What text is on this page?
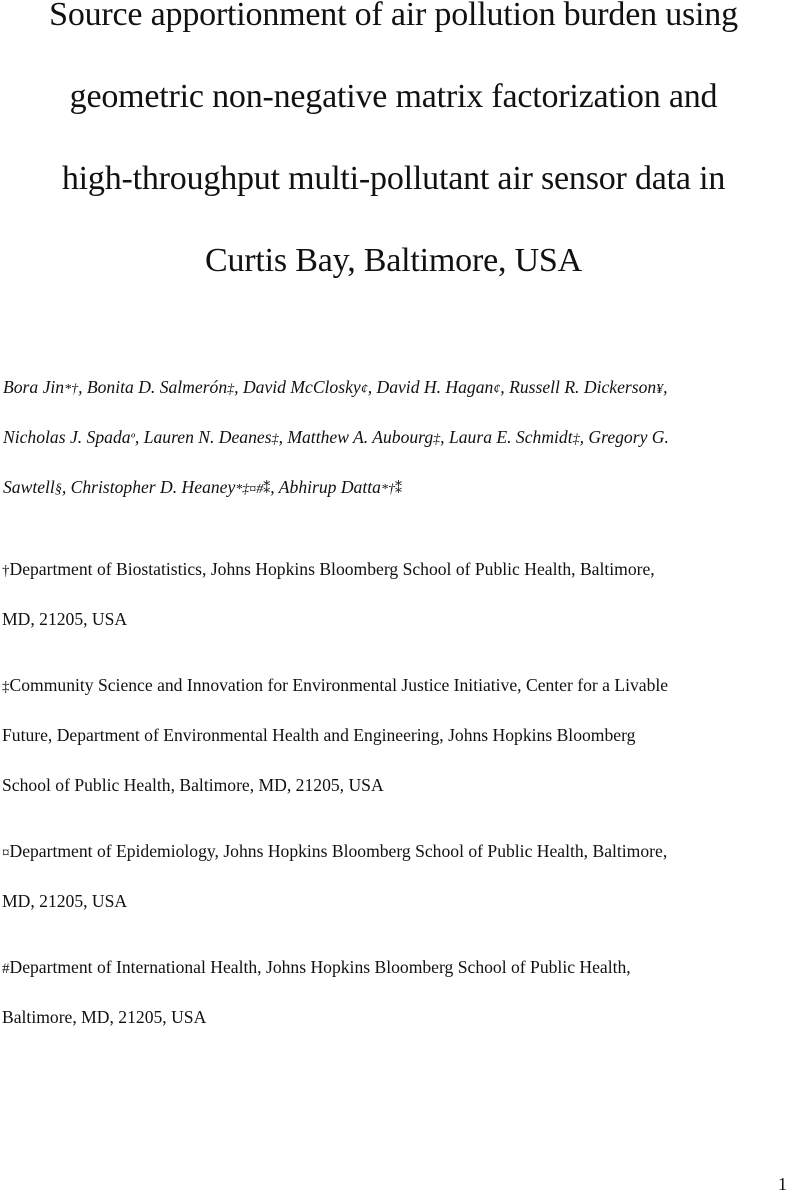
Source apportionment of air pollution burden using
geometric non-negative matrix factorization and
high-throughput multi-pollutant air sensor data in
Curtis Bay, Baltimore, USA
Bora Jin*†, Bonita D. Salmerón‡, David McClosky¢, David H. Hagan¢, Russell R. Dickerson¥,
Nicholas J. Spadaº, Lauren N. Deanes‡, Matthew A. Aubourg‡, Laura E. Schmidt‡, Gregory G.
Sawtell§, Christopher D. Heaney*‡¤#⁑, Abhirup Datta*†⁑
†Department of Biostatistics, Johns Hopkins Bloomberg School of Public Health, Baltimore,
MD, 21205, USA
‡Community Science and Innovation for Environmental Justice Initiative, Center for a Livable
Future, Department of Environmental Health and Engineering, Johns Hopkins Bloomberg
School of Public Health, Baltimore, MD, 21205, USA
¤Department of Epidemiology, Johns Hopkins Bloomberg School of Public Health, Baltimore,
MD, 21205, USA
#Department of International Health, Johns Hopkins Bloomberg School of Public Health,
Baltimore, MD, 21205, USA
1
